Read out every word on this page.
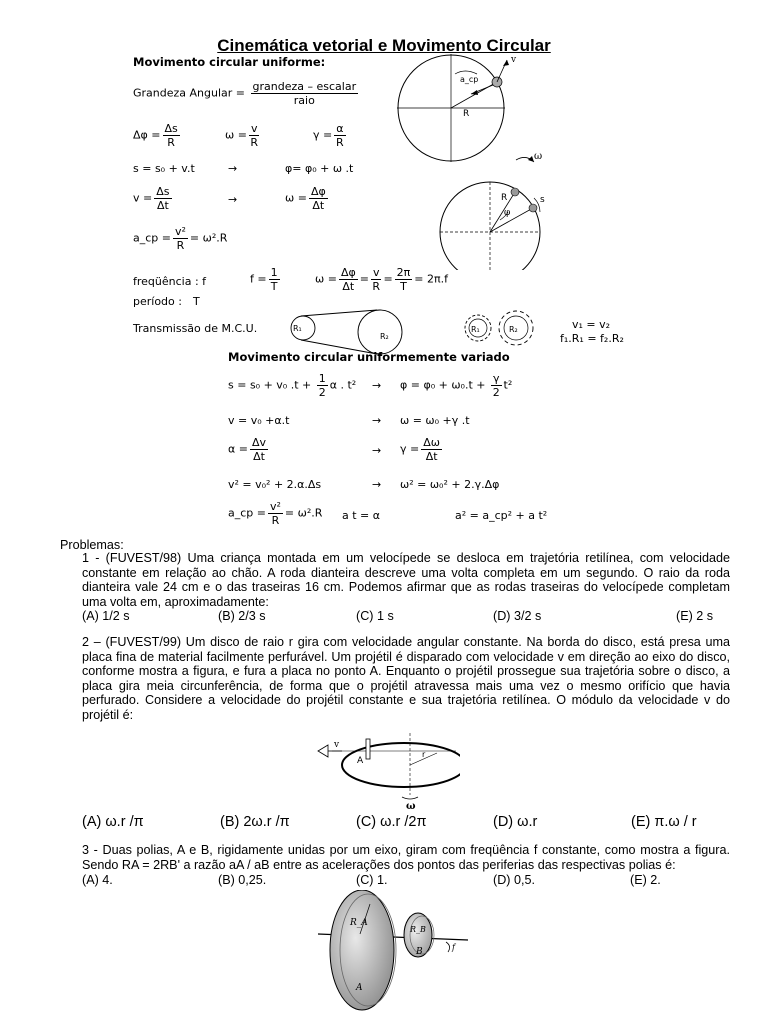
Cinemática vetorial e Movimento Circular
Movimento circular uniforme:
Grandeza Angular = $\frac{\text{grandeza – escalar}}{\text{raio}}$
$\Delta\varphi = \frac{\Delta s}{R}$	$\omega = \frac{v}{R}$	$\gamma = \frac{\alpha}{R}$
s = s₀ + v.t	→	φ= φ₀ + ω .t
$v = \frac{\Delta s}{\Delta t}$	→	$\omega = \frac{\Delta\varphi}{\Delta t}$
a_cp = $\frac{\text{v²}}{R} = \omega^2.R$
freqüência : f	$f = \frac{1}{T}$	$\omega = \frac{\Delta\varphi}{\Delta t} = \frac{v}{R} = \frac{2\pi}{T} = 2\pi.f$
período : T
Transmissão de M.C.U.	v₁ = v₂
f₁.R₁ = f₂.R₂
v
a_cp
R
ω
R
φ
s
R₁
R₂
R₁	R₂
Movimento circular uniformemente variado
s = s₀ + v₀ $.t + \frac{1}{2}$ α . $t^2 \to \varphi = \varphi_0 + \omega_0.t + \frac{\gamma}{2} t^2$
v = v₀ +α.t	→ ω = ω₀ +γ .t
$\alpha = \frac{\Delta v}{\Delta t}$	→ $\gamma = \frac{\Delta\omega}{\Delta t}$
v² = v₀² + 2.α.Δs	→ ω² = ω₀² + 2.γ.Δφ
a_cp = $\frac{\text{v²}}{R} = \omega^2.R$ a t = α	a² = a_cp² + a t²
Problemas:
1 - (FUVEST/98) Uma criança montada em um velocípede se desloca em trajetória retilínea, com velocidade constante em relação ao chão. A roda dianteira descreve uma volta completa em um segundo. O raio da roda dianteira vale 24 cm e o das traseiras 16 cm. Podemos afirmar que as rodas traseiras do velocípede completam uma volta em, aproximadamente:
(A) 1/2 s	(B) 2/3 s	(C) 1 s	(D) 3/2 s	(E) 2 s
2 – (FUVEST/99) Um disco de raio r gira com velocidade angular constante. Na borda do disco, está presa uma placa fina de material facilmente perfurável. Um projétil é disparado com velocidade v em direção ao eixo do disco, conforme mostra a figura, e fura a placa no ponto A. Enquanto o projétil prossegue sua trajetória sobre o disco, a placa gira meia circunferência, de forma que o projétil atravessa mais uma vez o mesmo orifício que havia perfurado. Considere a velocidade do projétil constante e sua trajetória retilínea. O módulo da velocidade v do projétil é:
v
A
r
ω
(A) ω.r /π	(B) 2ω.r /π	(C) ω.r /2π	(D) ω.r	(E) π.ω / r
3 - Duas polias, A e B, rigidamente unidas por um eixo, giram com freqüência f constante, como mostra a figura. Sendo RA = 2RB' a razão aA / aB entre as acelerações dos pontos das periferias das respectivas polias é:
(A) 4.	(B) 0,25.	(C) 1.	(D) 0,5.	(E) 2.
R_A
R_B
A
B	f
